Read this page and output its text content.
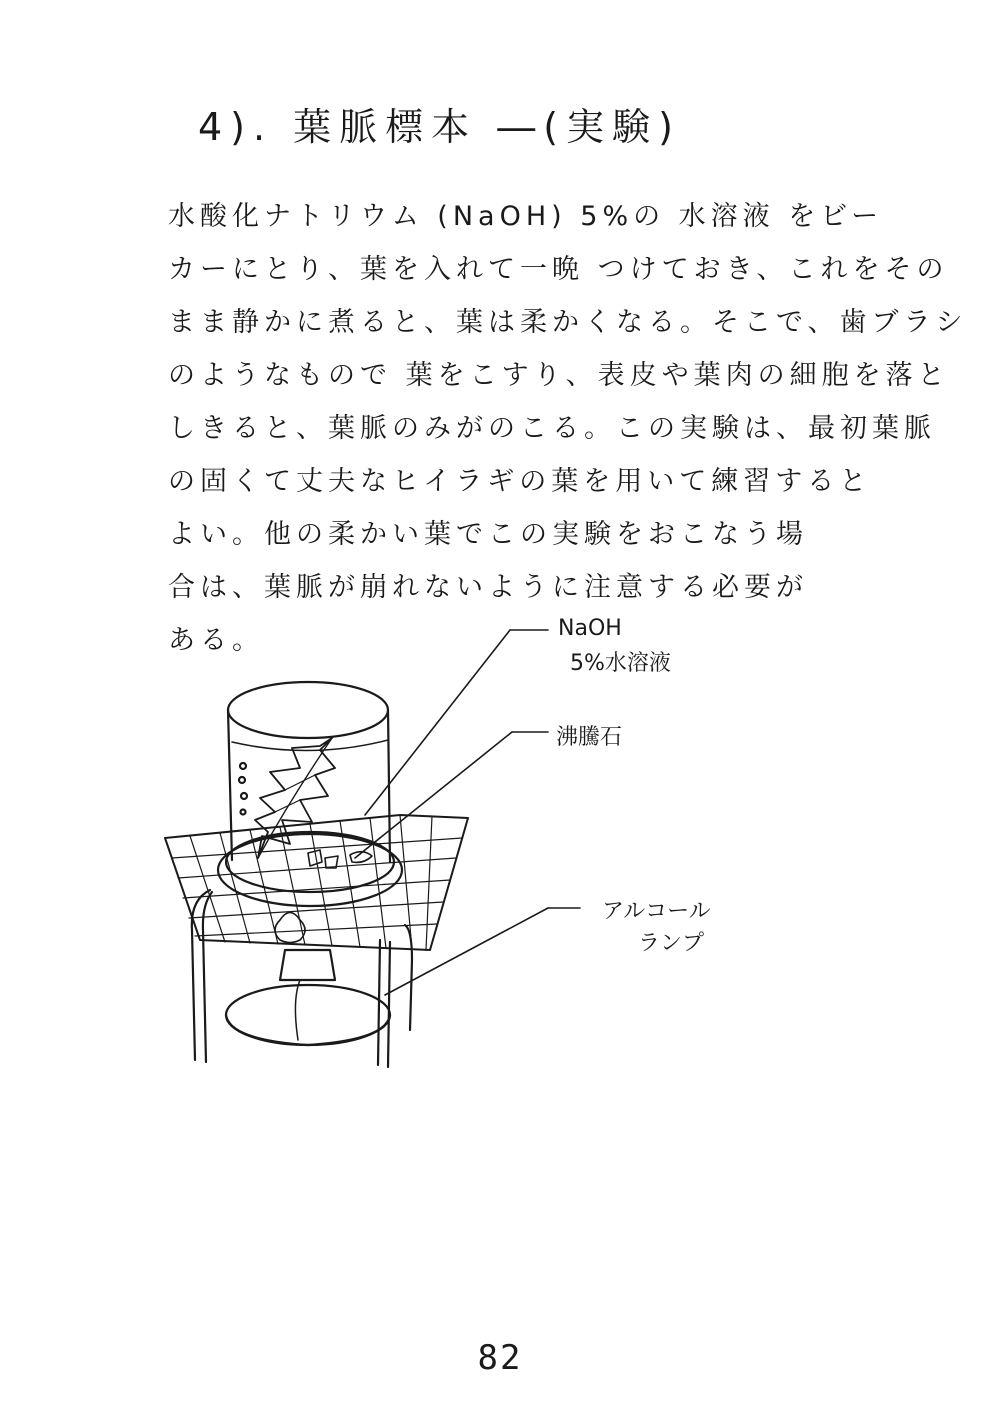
4). 葉脈標本 ―(実験)
水酸化ナトリウム (NaOH) 5%の 水溶液 をビー
カーにとり、葉を入れて一晩 つけておき、これをその
まま静かに煮ると、葉は柔かくなる。そこで、歯ブラシ
のようなもので 葉をこすり、表皮や葉肉の細胞を落と
しきると、葉脈のみがのこる。この実験は、最初葉脈
の固くて丈夫なヒイラギの葉を用いて練習すると
よい。他の柔かい葉でこの実験をおこなう場
合は、葉脈が崩れないように注意する必要が
ある。	NaOH
5%水溶液
沸騰石
アルコール
ランプ
82
